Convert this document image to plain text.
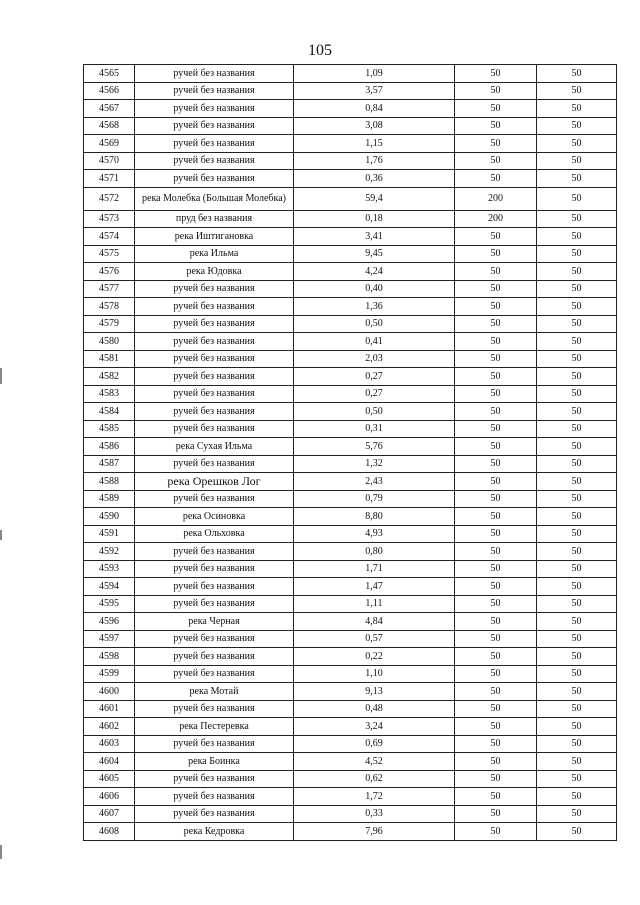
105
4565	ручей без названия	1,09	50	50
4566	ручей без названия	3,57	50	50
4567	ручей без названия	0,84	50	50
4568	ручей без названия	3,08	50	50
4569	ручей без названия	1,15	50	50
4570	ручей без названия	1,76	50	50
4571	ручей без названия	0,36	50	50
4572	река Молебка (Большая Молебка)	59,4	200	50
4573	пруд без названия	0,18	200	50
4574	река Иштигановка	3,41	50	50
4575	река Ильма	9,45	50	50
4576	река Юдовка	4,24	50	50
4577	ручей без названия	0,40	50	50
4578	ручей без названия	1,36	50	50
4579	ручей без названия	0,50	50	50
4580	ручей без названия	0,41	50	50
4581	ручей без названия	2,03	50	50
4582	ручей без названия	0,27	50	50
4583	ручей без названия	0,27	50	50
4584	ручей без названия	0,50	50	50
4585	ручей без названия	0,31	50	50
4586	река Сухая Ильма	5,76	50	50
4587	ручей без названия	1,32	50	50
4588	река Орешков Лог	2,43	50	50
4589	ручей без названия	0,79	50	50
4590	река Осиновка	8,80	50	50
4591	река Ольховка	4,93	50	50
4592	ручей без названия	0,80	50	50
4593	ручей без названия	1,71	50	50
4594	ручей без названия	1,47	50	50
4595	ручей без названия	1,11	50	50
4596	река Черная	4,84	50	50
4597	ручей без названия	0,57	50	50
4598	ручей без названия	0,22	50	50
4599	ручей без названия	1,10	50	50
4600	река Мотай	9,13	50	50
4601	ручей без названия	0,48	50	50
4602	река Пестеревка	3,24	50	50
4603	ручей без названия	0,69	50	50
4604	река Боинка	4,52	50	50
4605	ручей без названия	0,62	50	50
4606	ручей без названия	1,72	50	50
4607	ручей без названия	0,33	50	50
4608	река Кедровка	7,96	50	50
